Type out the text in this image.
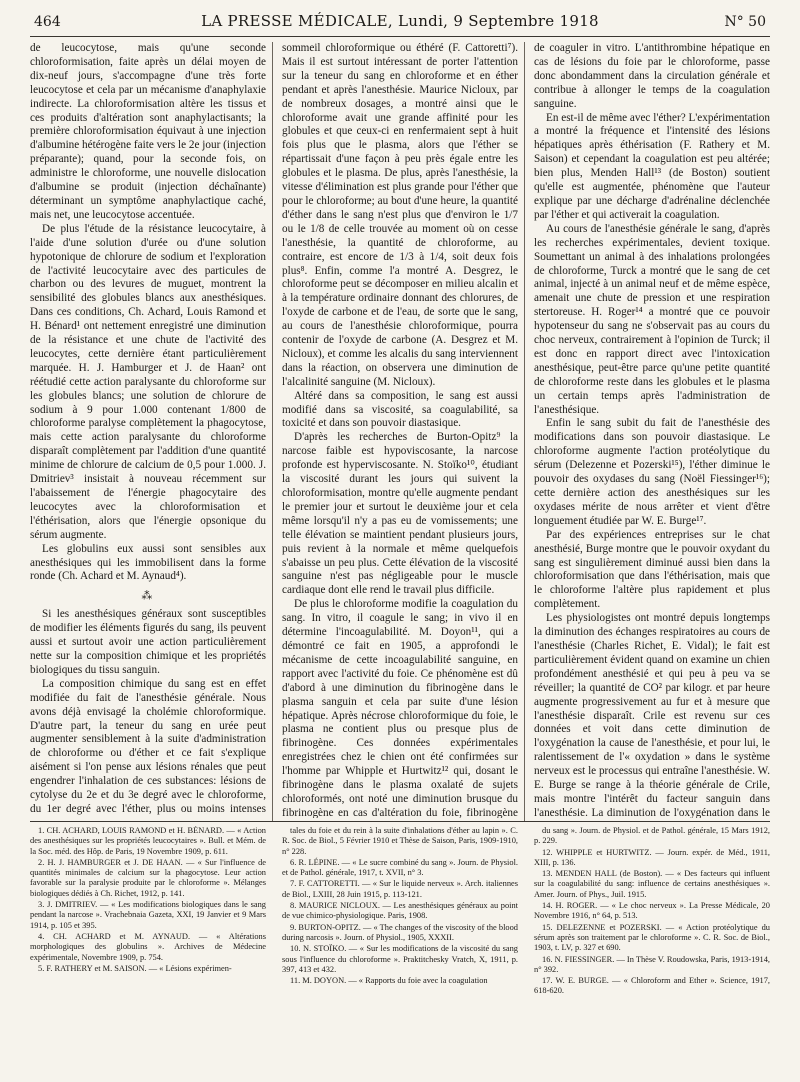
464	LA PRESSE MÉDICALE, Lundi, 9 Septembre 1918	N° 50

de leucocytose, mais qu'une seconde chloroformisation, faite après un délai moyen de dix-neuf jours, s'accompagne d'une très forte leucocytose et cela par un mécanisme d'anaphylaxie indirecte. La chloroformisation altère les tissus et ces produits d'altération sont anaphylactisants; la première chloroformisation équivaut à une injection d'albumine hétérogène faite vers le 2e jour (injection préparante); quand, pour la seconde fois, on administre le chloroforme, une nouvelle dislocation d'albumine se produit (injection déchaînante) déterminant un symptôme anaphylactique caché, mais net, une leucocytose accentuée.

De plus l'étude de la résistance leucocytaire, à l'aide d'une solution d'urée ou d'une solution hypotonique de chlorure de sodium et l'exploration de l'activité leucocytaire avec des particules de charbon ou des levures de muguet, montrent la sensibilité des globules blancs aux anesthésiques. Dans ces conditions, Ch. Achard, Louis Ramond et H. Bénard¹ ont nettement enregistré une diminution de la résistance et une chute de l'activité des leucocytes, cette dernière étant particulièrement marquée. H. J. Hamburger et J. de Haan² ont réétudié cette action paralysante du chloroforme sur les globules blancs; une solution de chlorure de sodium à 9 pour 1.000 contenant 1/800 de chloroforme paralyse complètement la phagocytose, mais cette action paralysante du chloroforme disparaît complètement par l'addition d'une quantité minime de chlorure de calcium de 0,5 pour 1.000. J. Dmitriev³ insistait à nouveau récemment sur l'abaissement de l'énergie phagocytaire des leucocytes avec la chloroformisation et l'éthérisation, alors que l'énergie opsonique du sérum augmente.

Les globulins eux aussi sont sensibles aux anesthésiques qui les immobilisent dans la forme ronde (Ch. Achard et M. Aynaud⁴).

⁂

Si les anesthésiques généraux sont susceptibles de modifier les éléments figurés du sang, ils peuvent aussi et surtout avoir une action particulièrement nette sur la composition chimique et les propriétés biologiques du tissu sanguin.

La composition chimique du sang est en effet modifiée du fait de l'anesthésie générale. Nous avons déjà envisagé la cholémie chloroformique. D'autre part, la teneur du sang en urée peut augmenter sensiblement à la suite d'administration de chloroforme ou d'éther et ce fait s'explique aisément si l'on pense aux lésions rénales que peut engendrer l'inhalation de ces substances: lésions de cytolyse du 2e et du 3e degré avec le chloroforme, du 1er degré avec l'éther, plus ou moins intenses

sommeil chloroformique ou éthéré (F. Cattoretti⁷). Mais il est surtout intéressant de porter l'attention sur la teneur du sang en chloroforme et en éther pendant et après l'anesthésie. Maurice Nicloux, par de nombreux dosages, a montré ainsi que le chloroforme avait une grande affinité pour les globules et que ceux-ci en renfermaient sept à huit fois plus que le plasma, alors que l'éther se répartissait d'une façon à peu près égale entre les globules et le plasma. De plus, après l'anesthésie, la vitesse d'élimination est plus grande pour l'éther que pour le chloroforme; au bout d'une heure, la quantité d'éther dans le sang n'est plus que d'environ le 1/7 ou le 1/8 de celle trouvée au moment où on cesse l'anesthésie, la quantité de chloroforme, au contraire, est encore de 1/3 à 1/4, soit deux fois plus⁸. Enfin, comme l'a montré A. Desgrez, le chloroforme peut se décomposer en milieu alcalin et à la température ordinaire donnant des chlorures, de l'oxyde de carbone et de l'eau, de sorte que le sang, au cours de l'anesthésie chloroformique, pourra contenir de l'oxyde de carbone (A. Desgrez et M. Nicloux), et comme les alcalis du sang interviennent dans la réaction, on observera une diminution de l'alcalinité sanguine (M. Nicloux).

Altéré dans sa composition, le sang est aussi modifié dans sa viscosité, sa coagulabilité, sa toxicité et dans son pouvoir diastasique.

D'après les recherches de Burton-Opitz⁹ la narcose faible est hypoviscosante, la narcose profonde est hyperviscosante. N. Stoïko¹⁰, étudiant la viscosité durant les jours qui suivent la chloroformisation, montre qu'elle augmente pendant le premier jour et surtout le deuxième jour et cela même lorsqu'il n'y a pas eu de vomissements; une telle élévation se maintient pendant plusieurs jours, puis revient à la normale et même quelquefois s'abaisse un peu plus. Cette élévation de la viscosité sanguine n'est pas négligeable pour le muscle cardiaque dont elle rend le travail plus difficile.

De plus le chloroforme modifie la coagulation du sang. In vitro, il coagule le sang; in vivo il en détermine l'incoagulabilité. M. Doyon¹¹, qui a démontré ce fait en 1905, a approfondi le mécanisme de cette incoagulabilité sanguine, en rapport avec l'activité du foie. Ce phénomène est dû d'abord à une diminution du fibrinogène dans le plasma sanguin et cela par suite d'une lésion hépatique. Après nécrose chloroformique du foie, le plasma ne contient plus ou presque plus de fibrinogène. Ces données expérimentales enregistrées chez le chien ont été confirmées sur l'homme par Whipple et Hurtwitz¹² qui, dosant le fibrinogène dans le plasma oxalaté de sujets chloroformés, ont noté une diminution brusque du fibrinogène en cas d'altération du foie, fibrinogène

de coaguler in vitro. L'antithrombine hépatique en cas de lésions du foie par le chloroforme, passe donc abondamment dans la circulation générale et contribue à allonger le temps de la coagulation sanguine.

En est-il de même avec l'éther? L'expérimentation a montré la fréquence et l'intensité des lésions hépatiques après éthérisation (F. Rathery et M. Saison) et cependant la coagulation est peu altérée; bien plus, Menden Hall¹³ (de Boston) soutient qu'elle est augmentée, phénomène que l'auteur explique par une décharge d'adrénaline déclenchée par l'éther et qui activerait la coagulation.

Au cours de l'anesthésie générale le sang, d'après les recherches expérimentales, devient toxique. Soumettant un animal à des inhalations prolongées de chloroforme, Turck a montré que le sang de cet animal, injecté à un animal neuf et de même espèce, amenait une chute de pression et une respiration stertoreuse. H. Roger¹⁴ a montré que ce pouvoir hypotenseur du sang ne s'observait pas au cours du choc nerveux, contrairement à l'opinion de Turck; il est donc en rapport direct avec l'intoxication anesthésique, peut-être parce qu'une petite quantité de chloroforme reste dans les globules et le plasma un certain temps après l'administration de l'anesthésique.

Enfin le sang subit du fait de l'anesthésie des modifications dans son pouvoir diastasique. Le chloroforme augmente l'action protéolytique du sérum (Delezenne et Pozerski¹⁵), l'éther diminue le pouvoir des oxydases du sang (Noël Fiessinger¹⁶); cette dernière action des anesthésiques sur les oxydases mérite de nous arrêter et vient d'être longuement étudiée par W. E. Burge¹⁷.

Par des expériences entreprises sur le chat anesthésié, Burge montre que le pouvoir oxydant du sang est singulièrement diminué aussi bien dans la chloroformisation que dans l'éthérisation, mais que le chloroforme l'altère plus rapidement et plus complètement.

Les physiologistes ont montré depuis longtemps la diminution des échanges respiratoires au cours de l'anesthésie (Charles Richet, E. Vidal); le fait est particulièrement évident quand on examine un chien profondément anesthésié et qui peu à peu va se réveiller; la quantité de CO² par kilogr. et par heure augmente progressivement au fur et à mesure que l'anesthésie disparaît. Crile est revenu sur ces données et voit dans cette diminution de l'oxygénation la cause de l'anesthésie, et pour lui, le ralentissement de l'« oxydation » dans le système nerveux est le processus qui entraîne l'anesthésie. W. E. Burge se range à la théorie générale de Crile, mais montre l'intérêt du facteur sanguin dans l'anesthésie. La diminution de l'oxygénation dans le

1. CH. ACHARD, LOUIS RAMOND et H. BÉNARD. — « Action des anesthésiques sur les propriétés leucocytaires ». Bull. et Mém. de la Soc. méd. des Hôp. de Paris, 19 Novembre 1909, p. 611.

2. H. J. HAMBURGER et J. DE HAAN. — « Sur l'influence de quantités minimales de calcium sur la phagocytose. Leur action favorable sur la paralysie produite par le chloroforme ». Mélanges biologiques dédiés à Ch. Richet, 1912, p. 141.

3. J. DMITRIEV. — « Les modifications biologiques dans le sang pendant la narcose ». Vrachebnaia Gazeta, XXI, 19 Janvier et 9 Mars 1914, p. 105 et 395.

4. CH. ACHARD et M. AYNAUD. — « Altérations morphologiques des globulins ». Archives de Médecine expérimentale, Novembre 1909, p. 754.

5. F. RATHERY et M. SAISON. — « Lésions expérimen-

tales du foie et du rein à la suite d'inhalations d'éther au lapin ». C. R. Soc. de Biol., 5 Février 1910 et Thèse de Saison, Paris, 1909-1910, n° 228.

6. R. LÉPINE. — « Le sucre combiné du sang ». Journ. de Physiol. et de Pathol. générale, 1917, t. XVII, n° 3.

7. F. CATTORETTI. — « Sur le liquide nerveux ». Arch. italiennes de Biol., LXIII, 28 Juin 1915, p. 113-121.

8. MAURICE NICLOUX. — Les anesthésiques généraux au point de vue chimico-physiologique. Paris, 1908.

9. BURTON-OPITZ. — « The changes of the viscosity of the blood during narcosis ». Journ. of Physiol., 1905, XXXII.

10. N. STOÏKO. — « Sur les modifications de la viscosité du sang sous l'influence du chloroforme ». Praktitchesky Vratch, X, 1911, p. 397, 413 et 432.

11. M. DOYON. — « Rapports du foie avec la coagulation

du sang ». Journ. de Physiol. et de Pathol. générale, 15 Mars 1912, p. 229.

12. WHIPPLE et HURTWITZ. — Journ. expér. de Méd., 1911, XIII, p. 136.

13. MENDEN HALL (de Boston). — « Des facteurs qui influent sur la coagulabilité du sang: influence de certains anesthésiques ». Amer. Journ. of Phys., Juil. 1915.

14. H. ROGER. — « Le choc nerveux ». La Presse Médicale, 20 Novembre 1916, n° 64, p. 513.

15. DELEZENNE et POZERSKI. — « Action protéolytique du sérum après son traitement par le chloroforme ». C. R. Soc. de Biol., 1903, t. LV, p. 327 et 690.

16. N. FIESSINGER. — In Thèse V. Roudowska, Paris, 1913-1914, n° 392.

17. W. E. BURGE. — « Chloroform and Ether ». Science, 1917, 618-620.
